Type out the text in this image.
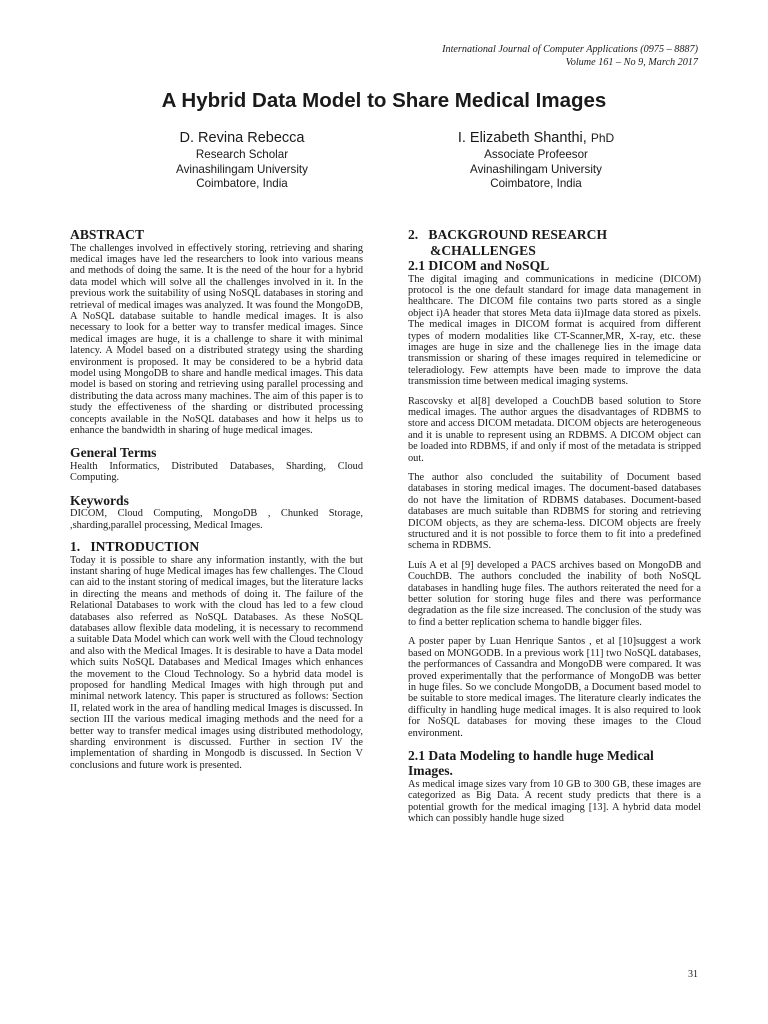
International Journal of Computer Applications (0975 – 8887)
Volume 161 – No 9, March 2017
A Hybrid Data Model to Share Medical Images
D. Revina Rebecca
Research Scholar
Avinashilingam University
Coimbatore, India
I. Elizabeth Shanthi, PhD
Associate Profeesor
Avinashilingam University
Coimbatore, India
ABSTRACT

The challenges involved in effectively storing, retrieving and sharing medical images have led the researchers to look into various means and methods of doing the same. It is the need of the hour for a hybrid data model which will solve all the challenges involved in it. In the previous work the suitability of using NoSQL databases in storing and retrieval of medical images was analyzed. It was found the MongoDB, A NoSQL database suitable to handle medical images. It is also necessary to look for a better way to transfer medical images. Since medical images are huge, it is a challenge to share it with minimal latency. A Model based on a distributed strategy using the sharding environment is proposed. It may be considered to be a hybrid data model using MongoDB to share and handle medical images. This data model is based on storing and retrieving using parallel processing and distributing the data across many machines. The aim of this paper is to study the effectiveness of the sharding or distributed processing concepts available in the NoSQL databases and how it helps us to enhance the bandwidth in sharing of huge medical images.

General Terms

Health Informatics, Distributed Databases, Sharding, Cloud Computing.

Keywords

DICOM, Cloud Computing, MongoDB , Chunked Storage, ,sharding,parallel processing, Medical Images.

1.   INTRODUCTION

Today it is possible to share any information instantly, with the but instant sharing of huge Medical images has few challenges. The Cloud can aid to the instant storing of medical images, but the literature lacks in directing the means and methods of doing it. The failure of the Relational Databases to work with the cloud has led to a few cloud databases also referred as NoSQL Databases. As these NoSQL databases allow flexible data modeling, it is necessary to recommend a suitable Data Model which can work well with the Cloud technology and also with the Medical Images. It is desirable to have a Data model which suits NoSQL Databases and Medical Images which enhances the movement to the Cloud Technology. So a hybrid data model is proposed for handling Medical Images with high through put and minimal network latency. This paper is structured as follows: Section II, related work in the area of handling medical Images is discussed. In section III the various medical imaging methods and the need for a better way to transfer medical images using distributed methodology, sharding environment is discussed. Further in section IV the implementation of sharding in Mongodb is discussed. In Section V conclusions and future work is presented.

2.   BACKGROUND RESEARCH
&CHALLENGES
2.1 DICOM and NoSQL

The digital imaging and communications in medicine (DICOM) protocol is the one default standard for image data management in healthcare. The DICOM file contains two parts stored as a single object i)A header that stores Meta data ii)Image data stored as pixels. The medical images in DICOM format is acquired from different types of modern modalities like CT-Scanner,MR, X-ray, etc. these images are huge in size and the challenege lies in the image data transmission or sharing of these images required in telemedicine or teleradiology. Few attempts have been made to improve the data transmission time between medical imaging systems.

Rascovsky et al[8] developed a CouchDB based solution to Store medical images. The author argues the disadvantages of RDBMS to store and access DICOM metadata. DICOM objects are heterogeneous and it is unable to represent using an RDBMS. A DICOM object can be loaded into RDBMS, if and only if most of the metadata is stripped out.

The author also concluded the suitability of Document based databases in storing medical images. The document-based databases do not have the limitation of RDBMS databases. Document-based databases are much suitable than RDBMS for storing and retrieving DICOM objects, as they are schema-less. DICOM objects are freely structured and it is not possible to force them to fit into a predefined schema in RDBMS.

Luís A et al [9] developed a PACS archives based on MongoDB and CouchDB. The authors concluded the inability of both NoSQL databases in handling huge files. The authors reiterated the need for a better solution for storing huge files and there was performance degradation as the file size increased. The conclusion of the study was to find a better replication schema to handle bigger files.

A poster paper by Luan Henrique Santos , et al [10]suggest a work based on MONGODB. In a previous work [11] two NoSQL databases, the performances of Cassandra and MongoDB were compared. It was proved experimentally that the performance of MongoDB was better in huge files. So we conclude MongoDB, a Document based model to be suitable to store medical images. The literature clearly indicates the difficulty in handling huge medical images. It is also required to look for NoSQL databases for moving these images to the Cloud environment.

2.1 Data Modeling to handle huge Medical Images.

As medical image sizes vary from 10 GB to 300 GB, these images are categorized as Big Data. A recent study predicts that there is a potential growth for the medical imaging [13]. A hybrid data model which can possibly handle huge sized

31
